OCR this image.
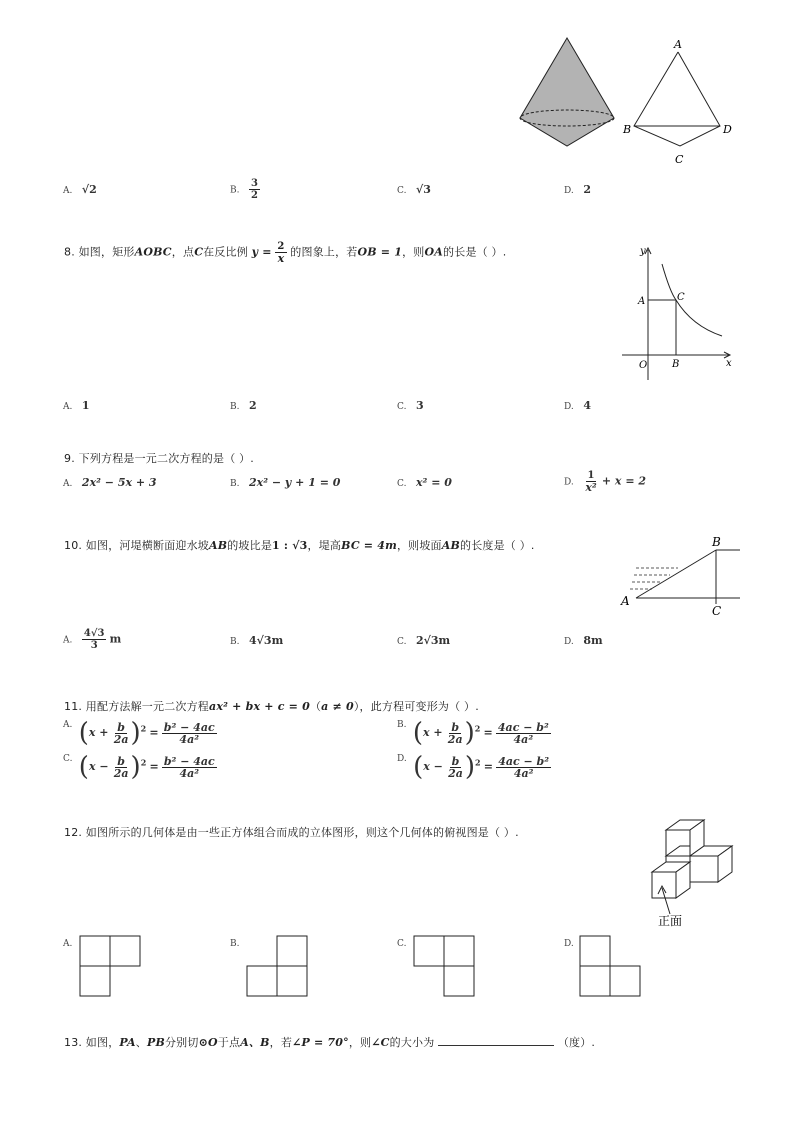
A
B	D
C
A. √2	B. $\frac{3}{2}$	C. √3	D. 2
8. 如图，矩形AOBC，点C在反比例 $y = \frac{2}{x}$ 的图象上，若OB = 1，则OA的长是（ ）.	y
x
A	C
O B
A. 1	B. 2	C. 3	D. 4
9. 下列方程是一元二次方程的是（ ）.
A. 2x² − 5x + 3	B. 2x² − y + 1 = 0	C. x² = 0	D. $\frac{1}{\text{x²}} + x = 2$
10. 如图，河堤横断面迎水坡AB的坡比是1 : √3，堤高BC = 4m，则坡面AB的长度是（ ）.	B
A
C
A. $\frac{4√3}{3}$ m	B. 4√3m	C. 2√3m	D. 8m
11. 用配方法解一元二次方程ax² + bx + c = 0（a ≠ 0），此方程可变形为（ ）.
A. $(x + \frac{b}{2a} )^2 = \frac{\text{b² − 4ac}}{\text{4a²}}$	B. $(x + \frac{b}{2a} )^2 = \frac{\text{4ac − b²}}{\text{4a²}}$
C. $(x - \frac{b}{2a} )^2 = \frac{\text{b² − 4ac}}{\text{4a²}}$	D. $(x - \frac{b}{2a} )^2 = \frac{\text{4ac − b²}}{\text{4a²}}$
12. 如图所示的几何体是由一些正方体组合而成的立体图形，则这个几何体的俯视图是（ ）.
正面
A.	B.	C.	D.
13. 如图，PA、PB分别切⊙O于点A、B，若∠P = 70°，则∠C的大小为	（度）.
